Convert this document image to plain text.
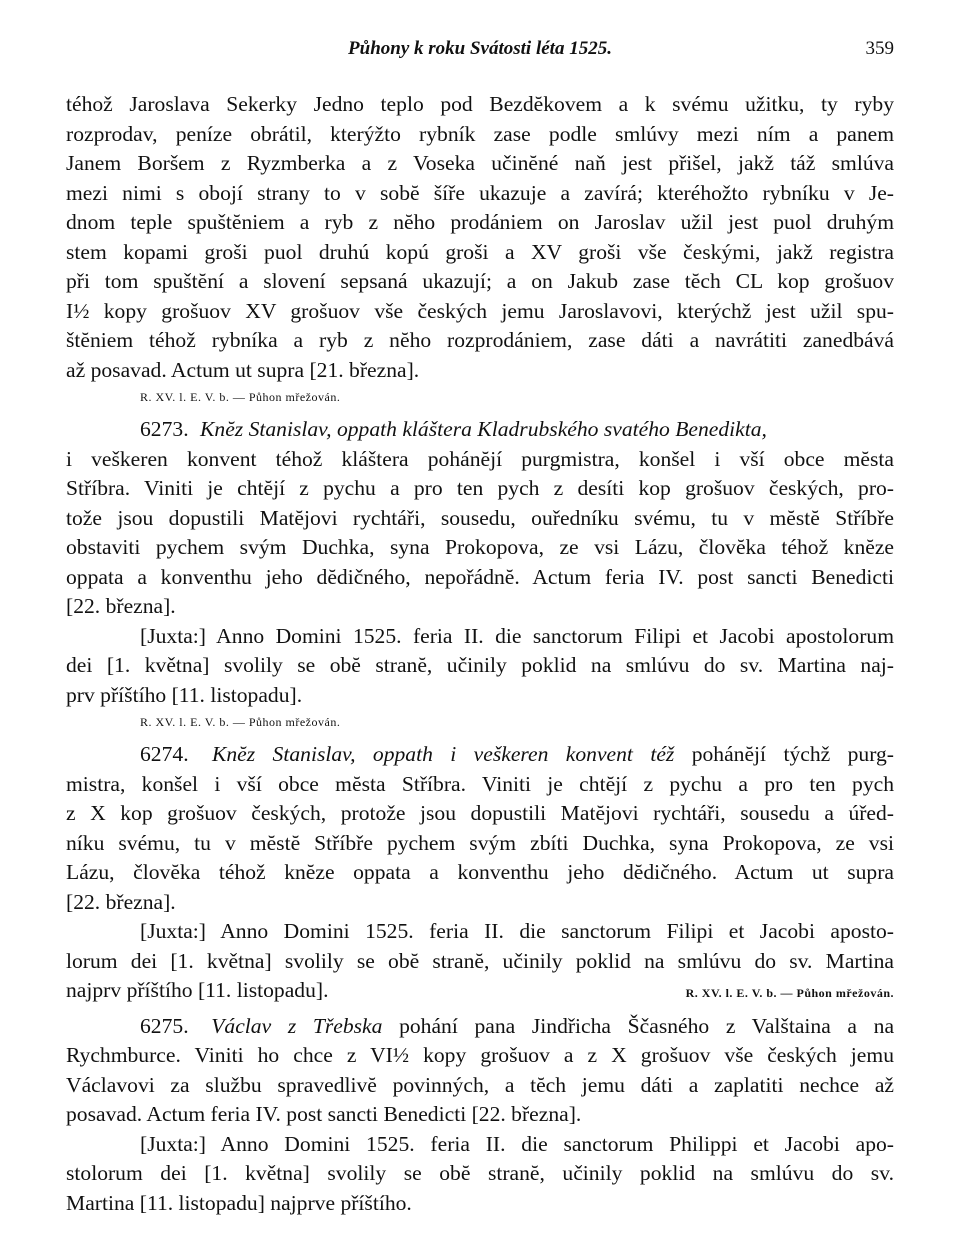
Půhony k roku Svátosti léta 1525.	359
téhož Jaroslava Sekerky Jedno teplo pod Bezdĕkovem a k svému užitku, ty ryby
rozprodav, peníze obrátil, kterýžto rybník zase podle smlúvy mezi ním a panem
Janem Boršem z Ryzmberka a z Voseka učinĕné naň jest přišel, jakž táž smlúva
mezi nimi s obojí strany to v sobĕ šíře ukazuje a zavírá; kteréhožto rybníku v Je-
dnom teple spuštĕniem a ryb z nĕho prodániem on Jaroslav užil jest puol druhým
stem kopami groši puol druhú kopú groši a XV groši vše českými, jakž registra
při tom spuštĕní a slovení sepsaná ukazují; a on Jakub zase tĕch CL kop grošuov
I½ kopy grošuov XV grošuov vše českých jemu Jaroslavovi, kterýchž jest užil spu-
štĕniem téhož rybníka a ryb z nĕho rozprodániem, zase dáti a navrátiti zanedbává
až posavad. Actum ut supra [21. března].
R. XV. l. E. V. b. — Půhon mřežován.
6273. Knĕz Stanislav, oppath kláštera Kladrubského svatého Benedikta,
i veškeren konvent téhož kláštera pohánĕjí purgmistra, konšel i vší obce mĕsta
Stříbra. Viniti je chtĕjí z pychu a pro ten pych z desíti kop grošuov českých, pro-
tože jsou dopustili Matĕjovi rychtáři, sousedu, ouředníku svému, tu v mĕstĕ Stříbře
obstaviti pychem svým Duchka, syna Prokopova, ze vsi Lázu, človĕka téhož knĕze
oppata a konventhu jeho dĕdičného, nepořádnĕ. Actum feria IV. post sancti Benedicti
[22. března].
[Juxta:] Anno Domini 1525. feria II. die sanctorum Filipi et Jacobi apostolorum
dei [1. května] svolily se obĕ stranĕ, učinily poklid na smlúvu do sv. Martina naj-
prv příštího [11. listopadu].
R. XV. l. E. V. b. — Půhon mřežován.
6274. Knĕz Stanislav, oppath i veškeren konvent též pohánĕjí týchž purg-
mistra, konšel i vší obce mĕsta Stříbra. Viniti je chtĕjí z pychu a pro ten pych
z X kop grošuov českých, protože jsou dopustili Matĕjovi rychtáři, sousedu a úřed-
níku svému, tu v mĕstĕ Stříbře pychem svým zbíti Duchka, syna Prokopova, ze vsi
Lázu, človĕka téhož knĕze oppata a konventhu jeho dĕdičného. Actum ut supra
[22. března].
[Juxta:] Anno Domini 1525. feria II. die sanctorum Filipi et Jacobi aposto-
lorum dei [1. května] svolily se obĕ stranĕ, učinily poklid na smlúvu do sv. Martina
najprv příštího [11. listopadu].	R. XV. l. E. V. b. — Půhon mřežován.
6275. Václav z Třebska pohání pana Jindřicha Ščasného z Valštaina a na
Rychmburce. Viniti ho chce z VI½ kopy grošuov a z X grošuov vše českých jemu
Václavovi za službu spravedlivĕ povinných, a tĕch jemu dáti a zaplatiti nechce až
posavad. Actum feria IV. post sancti Benedicti [22. března].
[Juxta:] Anno Domini 1525. feria II. die sanctorum Philippi et Jacobi apo-
stolorum dei [1. května] svolily se obĕ stranĕ, učinily poklid na smlúvu do sv.
Martina [11. listopadu] najprve příštího.
